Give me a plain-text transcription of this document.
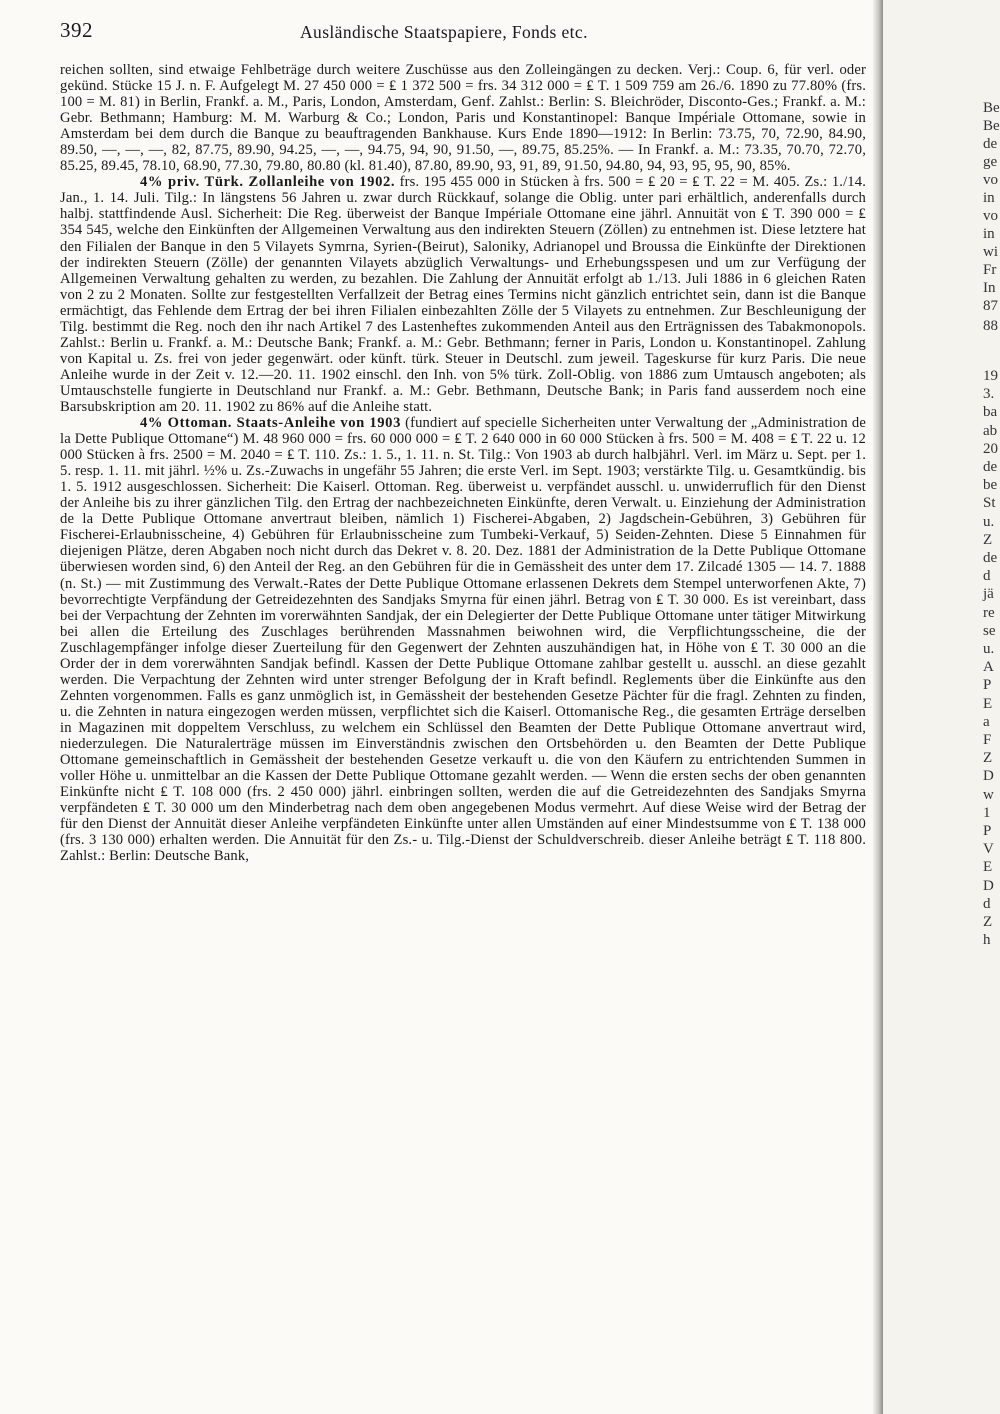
392	Ausländische Staatspapiere, Fonds etc.

reichen sollten, sind etwaige Fehlbeträge durch weitere Zuschüsse aus den Zolleingängen zu decken. Verj.: Coup. 6, für verl. oder gekünd. Stücke 15 J. n. F. Aufgelegt M. 27 450 000 = ₤ 1 372 500 = frs. 34 312 000 = ₤ T. 1 509 759 am 26./6. 1890 zu 77.80% (frs. 100 = M. 81) in Berlin, Frankf. a. M., Paris, London, Amsterdam, Genf. Zahlst.: Berlin: S. Bleichröder, Disconto-Ges.; Frankf. a. M.: Gebr. Bethmann; Hamburg: M. M. Warburg & Co.; London, Paris und Konstantinopel: Banque Impériale Ottomane, sowie in Amsterdam bei dem durch die Banque zu beauftragenden Bankhause. Kurs Ende 1890—1912: In Berlin: 73.75, 70, 72.90, 84.90, 89.50, —, —, —, 82, 87.75, 89.90, 94.25, —, —, 94.75, 94, 90, 91.50, —, 89.75, 85.25%. — In Frankf. a. M.: 73.35, 70.70, 72.70, 85.25, 89.45, 78.10, 68.90, 77.30, 79.80, 80.80 (kl. 81.40), 87.80, 89.90, 93, 91, 89, 91.50, 94.80, 94, 93, 95, 95, 90, 85%.

4% priv. Türk. Zollanleihe von 1902. frs. 195 455 000 in Stücken à frs. 500 = ₤ 20 = ₤ T. 22 = M. 405. Zs.: 1./14. Jan., 1. 14. Juli. Tilg.: In längstens 56 Jahren u. zwar durch Rückkauf, solange die Oblig. unter pari erhältlich, anderenfalls durch halbj. stattfindende Ausl. Sicherheit: Die Reg. überweist der Banque Impériale Ottomane eine jährl. Annuität von ₤ T. 390 000 = ₤ 354 545, welche den Einkünften der Allgemeinen Verwaltung aus den indirekten Steuern (Zöllen) zu entnehmen ist. Diese letztere hat den Filialen der Banque in den 5 Vilayets Symrna, Syrien-(Beirut), Saloniky, Adrianopel und Broussa die Einkünfte der Direktionen der indirekten Steuern (Zölle) der genannten Vilayets abzüglich Verwaltungs- und Erhebungsspesen und um zur Verfügung der Allgemeinen Verwaltung gehalten zu werden, zu bezahlen. Die Zahlung der Annuität erfolgt ab 1./13. Juli 1886 in 6 gleichen Raten von 2 zu 2 Monaten. Sollte zur festgestellten Verfallzeit der Betrag eines Termins nicht gänzlich entrichtet sein, dann ist die Banque ermächtigt, das Fehlende dem Ertrag der bei ihren Filialen einbezahlten Zölle der 5 Vilayets zu entnehmen. Zur Beschleunigung der Tilg. bestimmt die Reg. noch den ihr nach Artikel 7 des Lastenheftes zukommenden Anteil aus den Erträgnissen des Tabakmonopols. Zahlst.: Berlin u. Frankf. a. M.: Deutsche Bank; Frankf. a. M.: Gebr. Bethmann; ferner in Paris, London u. Konstantinopel. Zahlung von Kapital u. Zs. frei von jeder gegenwärt. oder künft. türk. Steuer in Deutschl. zum jeweil. Tageskurse für kurz Paris. Die neue Anleihe wurde in der Zeit v. 12.—20. 11. 1902 einschl. den Inh. von 5% türk. Zoll-Oblig. von 1886 zum Umtausch angeboten; als Umtauschstelle fungierte in Deutschland nur Frankf. a. M.: Gebr. Bethmann, Deutsche Bank; in Paris fand ausserdem noch eine Barsubskription am 20. 11. 1902 zu 86% auf die Anleihe statt.

4% Ottoman. Staats-Anleihe von 1903 (fundiert auf specielle Sicherheiten unter Verwaltung der „Administration de la Dette Publique Ottomane“) M. 48 960 000 = frs. 60 000 000 = ₤ T. 2 640 000 in 60 000 Stücken à frs. 500 = M. 408 = ₤ T. 22 u. 12 000 Stücken à frs. 2500 = M. 2040 = ₤ T. 110. Zs.: 1. 5., 1. 11. n. St. Tilg.: Von 1903 ab durch halbjährl. Verl. im März u. Sept. per 1. 5. resp. 1. 11. mit jährl. ½% u. Zs.-Zuwachs in ungefähr 55 Jahren; die erste Verl. im Sept. 1903; verstärkte Tilg. u. Gesamtkündig. bis 1. 5. 1912 ausgeschlossen. Sicherheit: Die Kaiserl. Ottoman. Reg. überweist u. verpfändet ausschl. u. unwiderruflich für den Dienst der Anleihe bis zu ihrer gänzlichen Tilg. den Ertrag der nachbezeichneten Einkünfte, deren Verwalt. u. Einziehung der Administration de la Dette Publique Ottomane anvertraut bleiben, nämlich 1) Fischerei-Abgaben, 2) Jagdschein-Gebühren, 3) Gebühren für Fischerei-Erlaubnisscheine, 4) Gebühren für Erlaubnisscheine zum Tumbeki-Verkauf, 5) Seiden-Zehnten. Diese 5 Einnahmen für diejenigen Plätze, deren Abgaben noch nicht durch das Dekret v. 8. 20. Dez. 1881 der Administration de la Dette Publique Ottomane überwiesen worden sind, 6) den Anteil der Reg. an den Gebühren für die in Gemässheit des unter dem 17. Zilcadé 1305 — 14. 7. 1888 (n. St.) — mit Zustimmung des Verwalt.-Rates der Dette Publique Ottomane erlassenen Dekrets dem Stempel unterworfenen Akte, 7) bevorrechtigte Verpfändung der Getreidezehnten des Sandjaks Smyrna für einen jährl. Betrag von ₤ T. 30 000. Es ist vereinbart, dass bei der Verpachtung der Zehnten im vorerwähnten Sandjak, der ein Delegierter der Dette Publique Ottomane unter tätiger Mitwirkung bei allen die Erteilung des Zuschlages berührenden Massnahmen beiwohnen wird, die Verpflichtungsscheine, die der Zuschlagempfänger infolge dieser Zuerteilung für den Gegenwert der Zehnten auszuhändigen hat, in Höhe von ₤ T. 30 000 an die Order der in dem vorerwähnten Sandjak befindl. Kassen der Dette Publique Ottomane zahlbar gestellt u. ausschl. an diese gezahlt werden. Die Verpachtung der Zehnten wird unter strenger Befolgung der in Kraft befindl. Reglements über die Einkünfte aus den Zehnten vorgenommen. Falls es ganz unmöglich ist, in Gemässheit der bestehenden Gesetze Pächter für die fragl. Zehnten zu finden, u. die Zehnten in natura eingezogen werden müssen, verpflichtet sich die Kaiserl. Ottomanische Reg., die gesamten Erträge derselben in Magazinen mit doppeltem Verschluss, zu welchem ein Schlüssel den Beamten der Dette Publique Ottomane anvertraut wird, niederzulegen. Die Naturalerträge müssen im Einverständnis zwischen den Ortsbehörden u. den Beamten der Dette Publique Ottomane gemeinschaftlich in Gemässheit der bestehenden Gesetze verkauft u. die von den Käufern zu entrichtenden Summen in voller Höhe u. unmittelbar an die Kassen der Dette Publique Ottomane gezahlt werden. — Wenn die ersten sechs der oben genannten Einkünfte nicht ₤ T. 108 000 (frs. 2 450 000) jährl. einbringen sollten, werden die auf die Getreidezehnten des Sandjaks Smyrna verpfändeten ₤ T. 30 000 um den Minderbetrag nach dem oben angegebenen Modus vermehrt. Auf diese Weise wird der Betrag der für den Dienst der Annuität dieser Anleihe verpfändeten Einkünfte unter allen Umständen auf einer Mindestsumme von ₤ T. 138 000 (frs. 3 130 000) erhalten werden. Die Annuität für den Zs.- u. Tilg.-Dienst der Schuldverschreib. dieser Anleihe beträgt ₤ T. 118 800. Zahlst.: Berlin: Deutsche Bank,

Be
Be
de
ge
vo
in
vo
in
wi
Fr
In
87
88
19
3.
ba
ab
20
de
be
St
u.
Z
de
d
jä
re
se
u.
A
P
E
a
F
Z
D
w
1
P
V
E
D
d
Z
h
